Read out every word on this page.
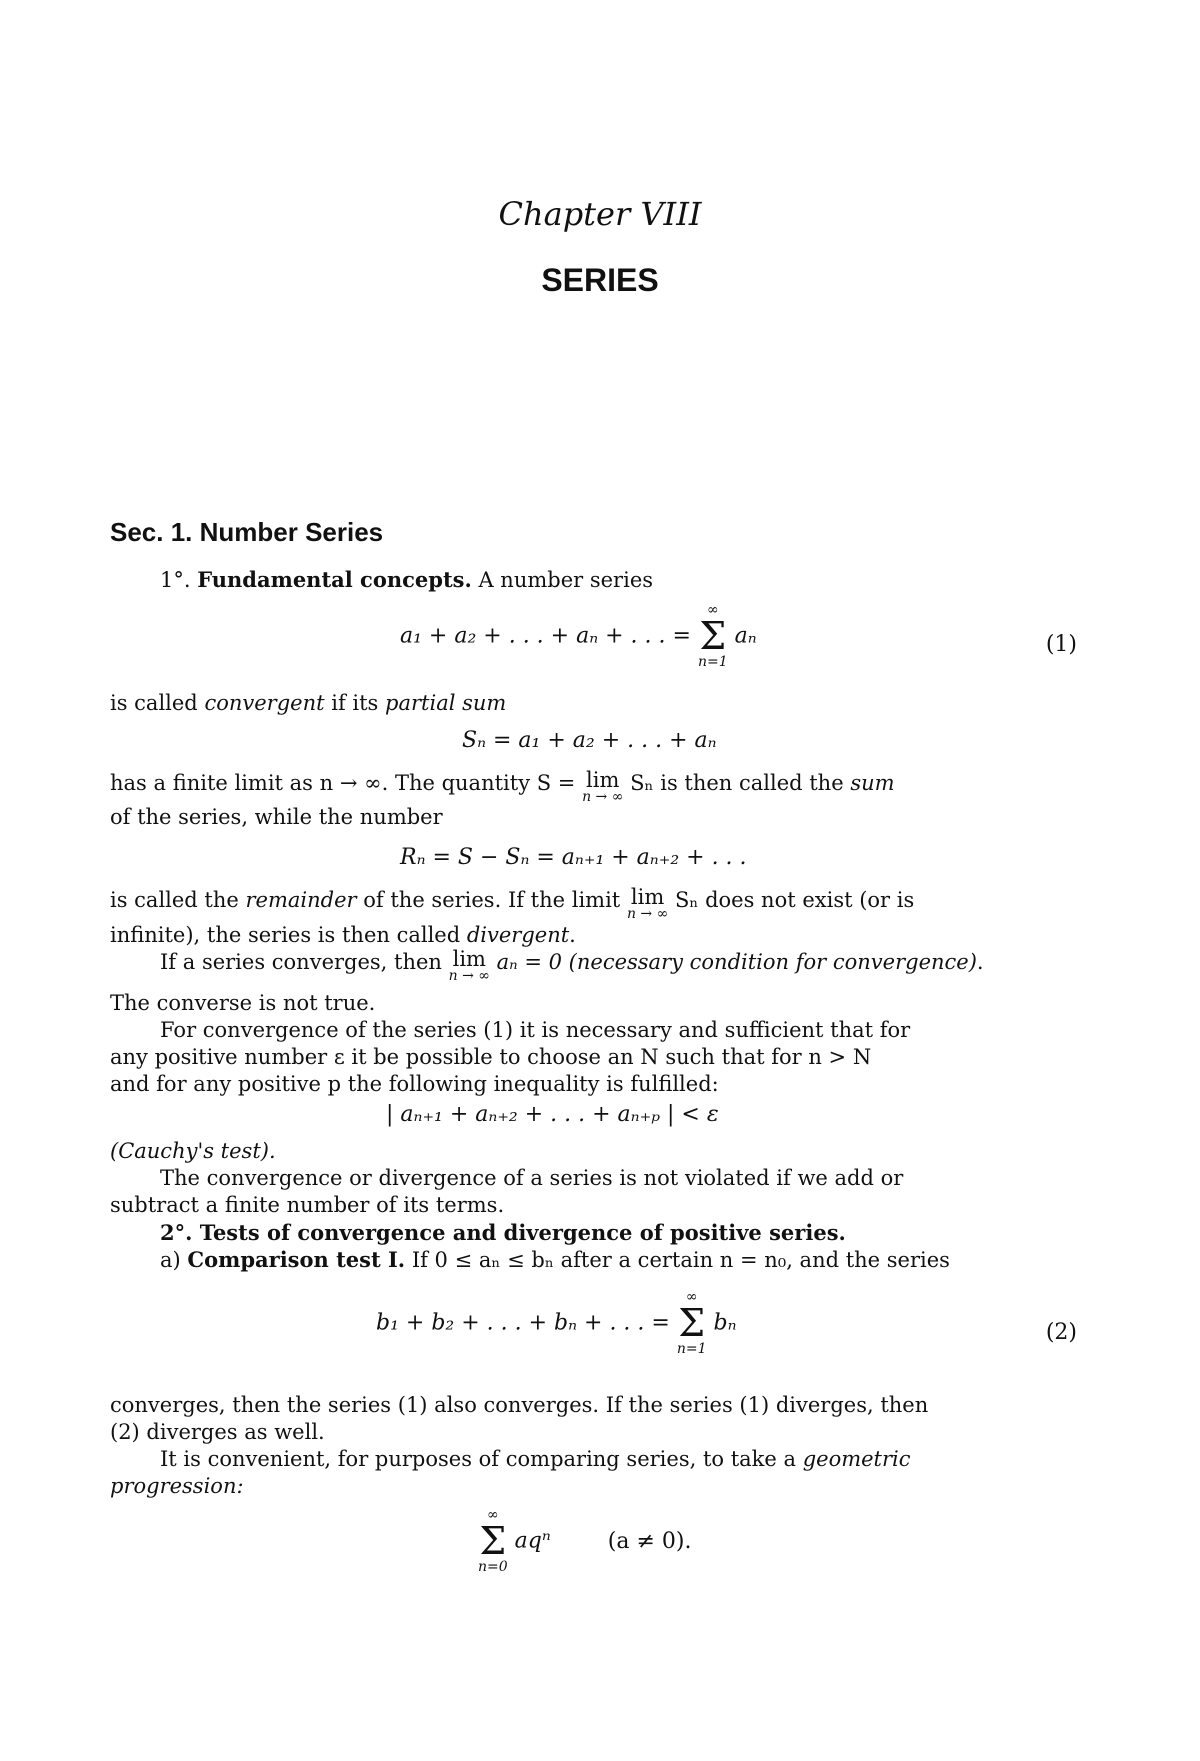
Chapter VIII
SERIES
Sec. 1. Number Series
1°. Fundamental concepts. A number series
a₁ + a₂ + . . . + aₙ + . . . =
∞
Σ
n=1
aₙ	(1)
is called convergent if its partial sum
Sₙ = a₁ + a₂ + . . . + aₙ
has a finite limit as n → ∞. The quantity S = lim
n → ∞
Sₙ is then called the sum
of the series, while the number
Rₙ = S − Sₙ = aₙ₊₁ + aₙ₊₂ + . . .
is called the remainder of the series. If the limit lim
n → ∞
Sₙ does not exist (or is
infinite), the series is then called divergent.
If a series converges, then lim
n → ∞
aₙ = 0 (necessary condition for convergence).
The converse is not true.
For convergence of the series (1) it is necessary and sufficient that for
any positive number ε it be possible to choose an N such that for n > N
and for any positive p the following inequality is fulfilled:
| aₙ₊₁ + aₙ₊₂ + . . . + aₙ₊ₚ | < ε
(Cauchy's test).
The convergence or divergence of a series is not violated if we add or
subtract a finite number of its terms.
2°. Tests of convergence and divergence of positive series.
a) Comparison test I. If 0 ≤ aₙ ≤ bₙ after a certain n = n₀, and the series
b₁ + b₂ + . . . + bₙ + . . . =
∞
Σ
n=1
bₙ	(2)
converges, then the series (1) also converges. If the series (1) diverges, then
(2) diverges as well.
It is convenient, for purposes of comparing series, to take a geometric
progression:
∞
Σ
n=0
aqⁿ	(a ≠ 0).
